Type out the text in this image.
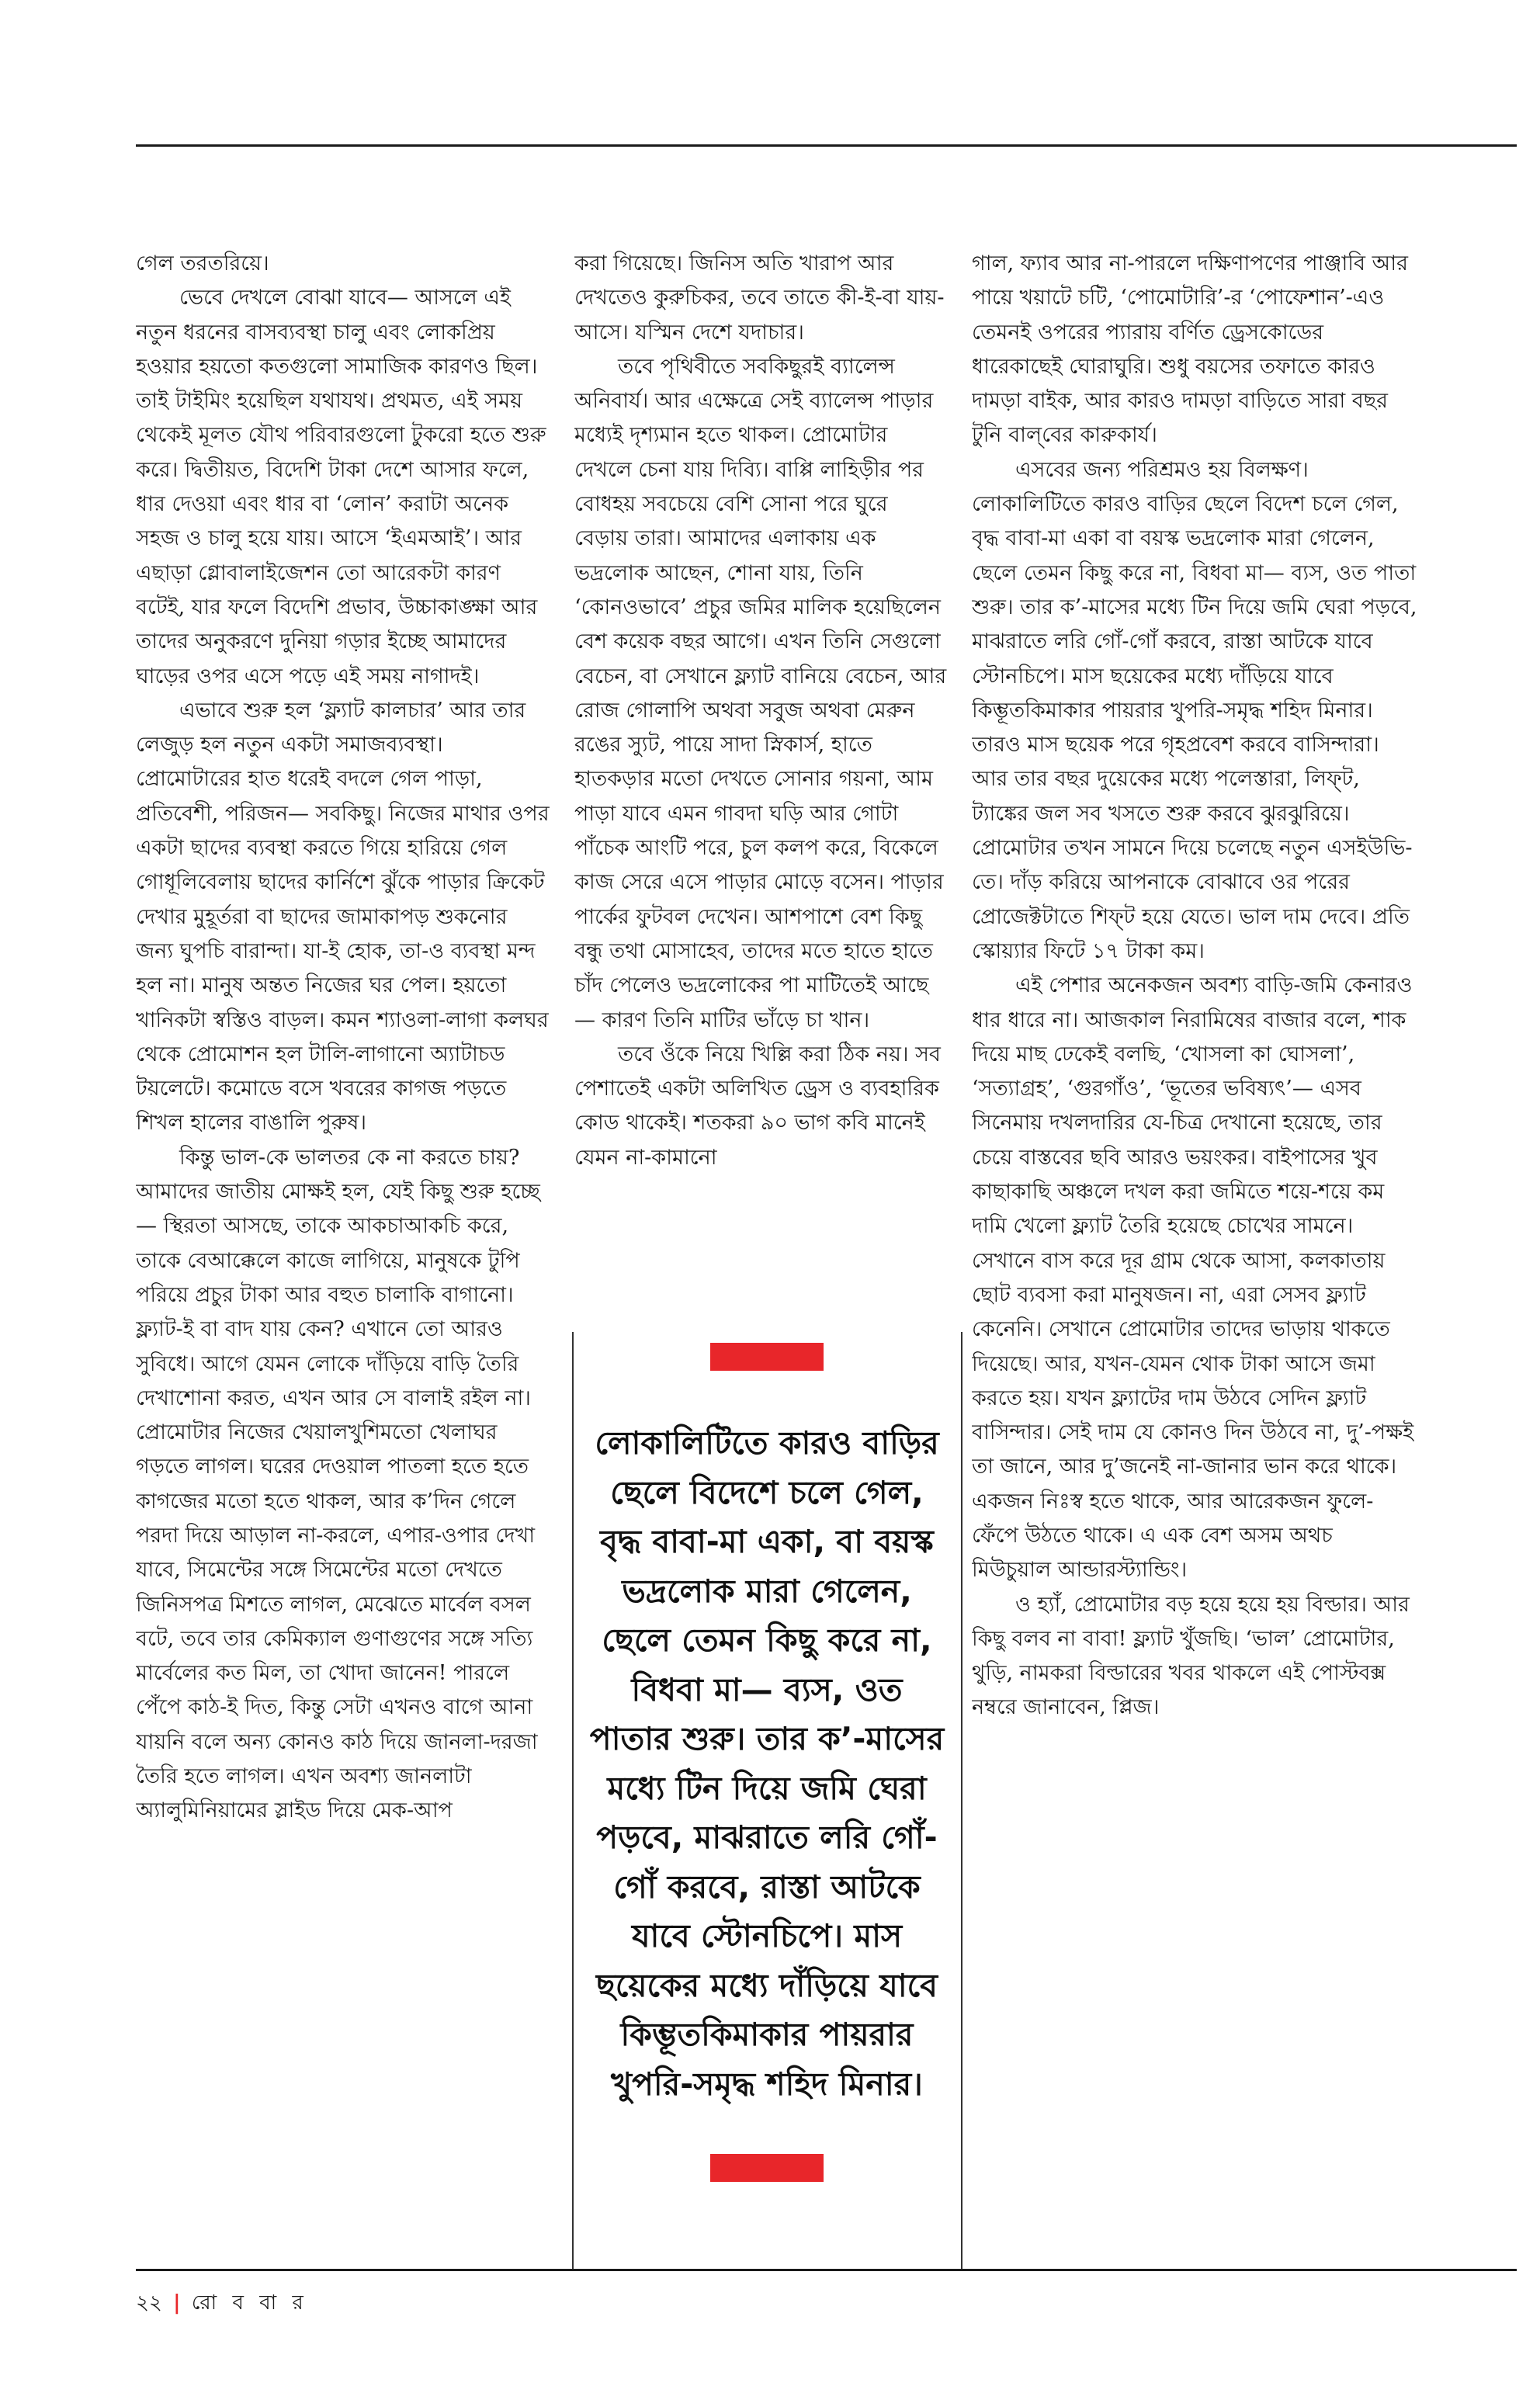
গেল তরতরিয়ে।

ভেবে দেখলে বোঝা যাবে— আসলে এই নতুন ধরনের বাসব্যবস্থা চালু এবং লোকপ্রিয় হওয়ার হয়তো কতগুলো সামাজিক কারণও ছিল। তাই টাইমিং হয়েছিল যথাযথ। প্রথমত, এই সময় থেকেই মূলত যৌথ পরিবারগুলো টুকরো হতে শুরু করে। দ্বিতীয়ত, বিদেশি টাকা দেশে আসার ফলে, ধার দেওয়া এবং ধার বা ‘লোন’ করাটা অনেক সহজ ও চালু হয়ে যায়। আসে ‘ইএমআই’। আর এছাড়া গ্লোবালাইজেশন তো আরেকটা কারণ বটেই, যার ফলে বিদেশি প্রভাব, উচ্চাকাঙ্ক্ষা আর তাদের অনুকরণে দুনিয়া গড়ার ইচ্ছে আমাদের ঘাড়ের ওপর এসে পড়ে এই সময় নাগাদই।

এভাবে শুরু হল ‘ফ্ল্যাট কালচার’ আর তার লেজুড় হল নতুন একটা সমাজব্যবস্থা। প্রোমোটারের হাত ধরেই বদলে গেল পাড়া, প্রতিবেশী, পরিজন— সবকিছু। নিজের মাথার ওপর একটা ছাদের ব্যবস্থা করতে গিয়ে হারিয়ে গেল গোধূলিবেলায় ছাদের কার্নিশে ঝুঁকে পাড়ার ক্রিকেট দেখার মুহূর্তরা বা ছাদের জামাকাপড় শুকনোর জন্য ঘুপচি বারান্দা। যা-ই হোক, তা-ও ব্যবস্থা মন্দ হল না। মানুষ অন্তত নিজের ঘর পেল। হয়তো খানিকটা স্বস্তিও বাড়ল। কমন শ্যাওলা-লাগা কলঘর থেকে প্রোমোশন হল টালি-লাগানো অ্যাটাচড টয়লেটে। কমোডে বসে খবরের কাগজ পড়তে শিখল হালের বাঙালি পুরুষ।

কিন্তু ভাল-কে ভালতর কে না করতে চায়? আমাদের জাতীয় মোক্ষই হল, যেই কিছু শুরু হচ্ছে— স্থিরতা আসছে, তাকে আকচাআকচি করে, তাকে বেআক্কেলে কাজে লাগিয়ে, মানুষকে টুপি পরিয়ে প্রচুর টাকা আর বহুত চালাকি বাগানো। ফ্ল্যাট-ই বা বাদ যায় কেন? এখানে তো আরও সুবিধে। আগে যেমন লোকে দাঁড়িয়ে বাড়ি তৈরি দেখাশোনা করত, এখন আর সে বালাই রইল না। প্রোমোটার নিজের খেয়ালখুশিমতো খেলাঘর গড়তে লাগল। ঘরের দেওয়াল পাতলা হতে হতে কাগজের মতো হতে থাকল, আর ক’দিন গেলে পরদা দিয়ে আড়াল না-করলে, এপার-ওপার দেখা যাবে, সিমেন্টের সঙ্গে সিমেন্টের মতো দেখতে জিনিসপত্র মিশতে লাগল, মেঝেতে মার্বেল বসল বটে, তবে তার কেমিক্যাল গুণাগুণের সঙ্গে সত্যি মার্বেলের কত মিল, তা খোদা জানেন! পারলে পেঁপে কাঠ-ই দিত, কিন্তু সেটা এখনও বাগে আনা যায়নি বলে অন্য কোনও কাঠ দিয়ে জানলা-দরজা তৈরি হতে লাগল। এখন অবশ্য জানলাটা অ্যালুমিনিয়ামের স্লাইড দিয়ে মেক-আপ

করা গিয়েছে। জিনিস অতি খারাপ আর দেখতেও কুরুচিকর, তবে তাতে কী-ই-বা যায়-আসে। যস্মিন দেশে যদাচার।

তবে পৃথিবীতে সবকিছুরই ব্যালেন্স অনিবার্য। আর এক্ষেত্রে সেই ব্যালেন্স পাড়ার মধ্যেই দৃশ্যমান হতে থাকল। প্রোমোটার দেখলে চেনা যায় দিব্যি। বাপ্পি লাহিড়ীর পর বোধহয় সবচেয়ে বেশি সোনা পরে ঘুরে বেড়ায় তারা। আমাদের এলাকায় এক ভদ্রলোক আছেন, শোনা যায়, তিনি ‘কোনওভাবে’ প্রচুর জমির মালিক হয়েছিলেন বেশ কয়েক বছর আগে। এখন তিনি সেগুলো বেচেন, বা সেখানে ফ্ল্যাট বানিয়ে বেচেন, আর রোজ গোলাপি অথবা সবুজ অথবা মেরুন রঙের স্যুট, পায়ে সাদা স্নিকার্স, হাতে হাতকড়ার মতো দেখতে সোনার গয়না, আম পাড়া যাবে এমন গাবদা ঘড়ি আর গোটা পাঁচেক আংটি পরে, চুল কলপ করে, বিকেলে কাজ সেরে এসে পাড়ার মোড়ে বসেন। পাড়ার পার্কের ফুটবল দেখেন। আশপাশে বেশ কিছু বন্ধু তথা মোসাহেব, তাদের মতে হাতে হাতে চাঁদ পেলেও ভদ্রলোকের পা মাটিতেই আছে— কারণ তিনি মাটির ভাঁড়ে চা খান।

তবে ওঁকে নিয়ে খিল্লি করা ঠিক নয়। সব পেশাতেই একটা অলিখিত ড্রেস ও ব্যবহারিক কোড থাকেই। শতকরা ৯০ ভাগ কবি মানেই যেমন না-কামানো

লোকালিটিতে কারও বাড়ির ছেলে বিদেশে চলে গেল, বৃদ্ধ বাবা-মা একা, বা বয়স্ক ভদ্রলোক মারা গেলেন, ছেলে তেমন কিছু করে না, বিধবা মা— ব্যস, ওত পাতার শুরু। তার ক’-মাসের মধ্যে টিন দিয়ে জমি ঘেরা পড়বে, মাঝরাতে লরি গোঁ-গোঁ করবে, রাস্তা আটকে যাবে স্টোনচিপে। মাস ছয়েকের মধ্যে দাঁড়িয়ে যাবে কিম্ভূতকিমাকার পায়রার খুপরি-সমৃদ্ধ শহিদ মিনার।

গাল, ফ্যাব আর না-পারলে দক্ষিণাপণের পাঞ্জাবি আর পায়ে খয়াটে চটি, ‘পোমোটারি’-র ‘পোফেশান’-এও তেমনই ওপরের প্যারায় বর্ণিত ড্রেসকোডের ধারেকাছেই ঘোরাঘুরি। শুধু বয়সের তফাতে কারও দামড়া বাইক, আর কারও দামড়া বাড়িতে সারা বছর টুনি বাল্‌বের কারুকার্য।

এসবের জন্য পরিশ্রমও হয় বিলক্ষণ। লোকালিটিতে কারও বাড়ির ছেলে বিদেশ চলে গেল, বৃদ্ধ বাবা-মা একা বা বয়স্ক ভদ্রলোক মারা গেলেন, ছেলে তেমন কিছু করে না, বিধবা মা— ব্যস, ওত পাতা শুরু। তার ক’-মাসের মধ্যে টিন দিয়ে জমি ঘেরা পড়বে, মাঝরাতে লরি গোঁ-গোঁ করবে, রাস্তা আটকে যাবে স্টোনচিপে। মাস ছয়েকের মধ্যে দাঁড়িয়ে যাবে কিম্ভূতকিমাকার পায়রার খুপরি-সমৃদ্ধ শহিদ মিনার। তারও মাস ছয়েক পরে গৃহপ্রবেশ করবে বাসিন্দারা। আর তার বছর দুয়েকের মধ্যে পলেস্তারা, লিফ্‌ট, ট্যাঙ্কের জল সব খসতে শুরু করবে ঝুরঝুরিয়ে। প্রোমোটার তখন সামনে দিয়ে চলেছে নতুন এসইউভি-তে। দাঁড় করিয়ে আপনাকে বোঝাবে ওর পরের প্রোজেক্টটাতে শিফ্‌ট হয়ে যেতে। ভাল দাম দেবে। প্রতি স্কোয়্যার ফিটে ১৭ টাকা কম।

এই পেশার অনেকজন অবশ্য বাড়ি-জমি কেনারও ধার ধারে না। আজকাল নিরামিষের বাজার বলে, শাক দিয়ে মাছ ঢেকেই বলছি, ‘খোসলা কা ঘোসলা’, ‘সত্যাগ্রহ’, ‘গুরগাঁও’, ‘ভূতের ভবিষ্যৎ’— এসব সিনেমায় দখলদারির যে-চিত্র দেখানো হয়েছে, তার চেয়ে বাস্তবের ছবি আরও ভয়ংকর। বাইপাসের খুব কাছাকাছি অঞ্চলে দখল করা জমিতে শয়ে-শয়ে কম দামি খেলো ফ্ল্যাট তৈরি হয়েছে চোখের সামনে। সেখানে বাস করে দূর গ্রাম থেকে আসা, কলকাতায় ছোট ব্যবসা করা মানুষজন। না, এরা সেসব ফ্ল্যাট কেনেনি। সেখানে প্রোমোটার তাদের ভাড়ায় থাকতে দিয়েছে। আর, যখন-যেমন থোক টাকা আসে জমা করতে হয়। যখন ফ্ল্যাটের দাম উঠবে সেদিন ফ্ল্যাট বাসিন্দার। সেই দাম যে কোনও দিন উঠবে না, দু’-পক্ষই তা জানে, আর দু’জনেই না-জানার ভান করে থাকে। একজন নিঃস্ব হতে থাকে, আর আরেকজন ফুলে-ফেঁপে উঠতে থাকে। এ এক বেশ অসম অথচ মিউচুয়াল আন্ডারস্ট্যান্ডিং।

ও হ্যাঁ, প্রোমোটার বড় হয়ে হয়ে হয় বিল্ডার। আর কিছু বলব না বাবা! ফ্ল্যাট খুঁজছি। ‘ভাল’ প্রোমোটার, থুড়ি, নামকরা বিল্ডারের খবর থাকলে এই পোস্টবক্স নম্বরে জানাবেন, প্লিজ।

২২ | রো ব বা র
